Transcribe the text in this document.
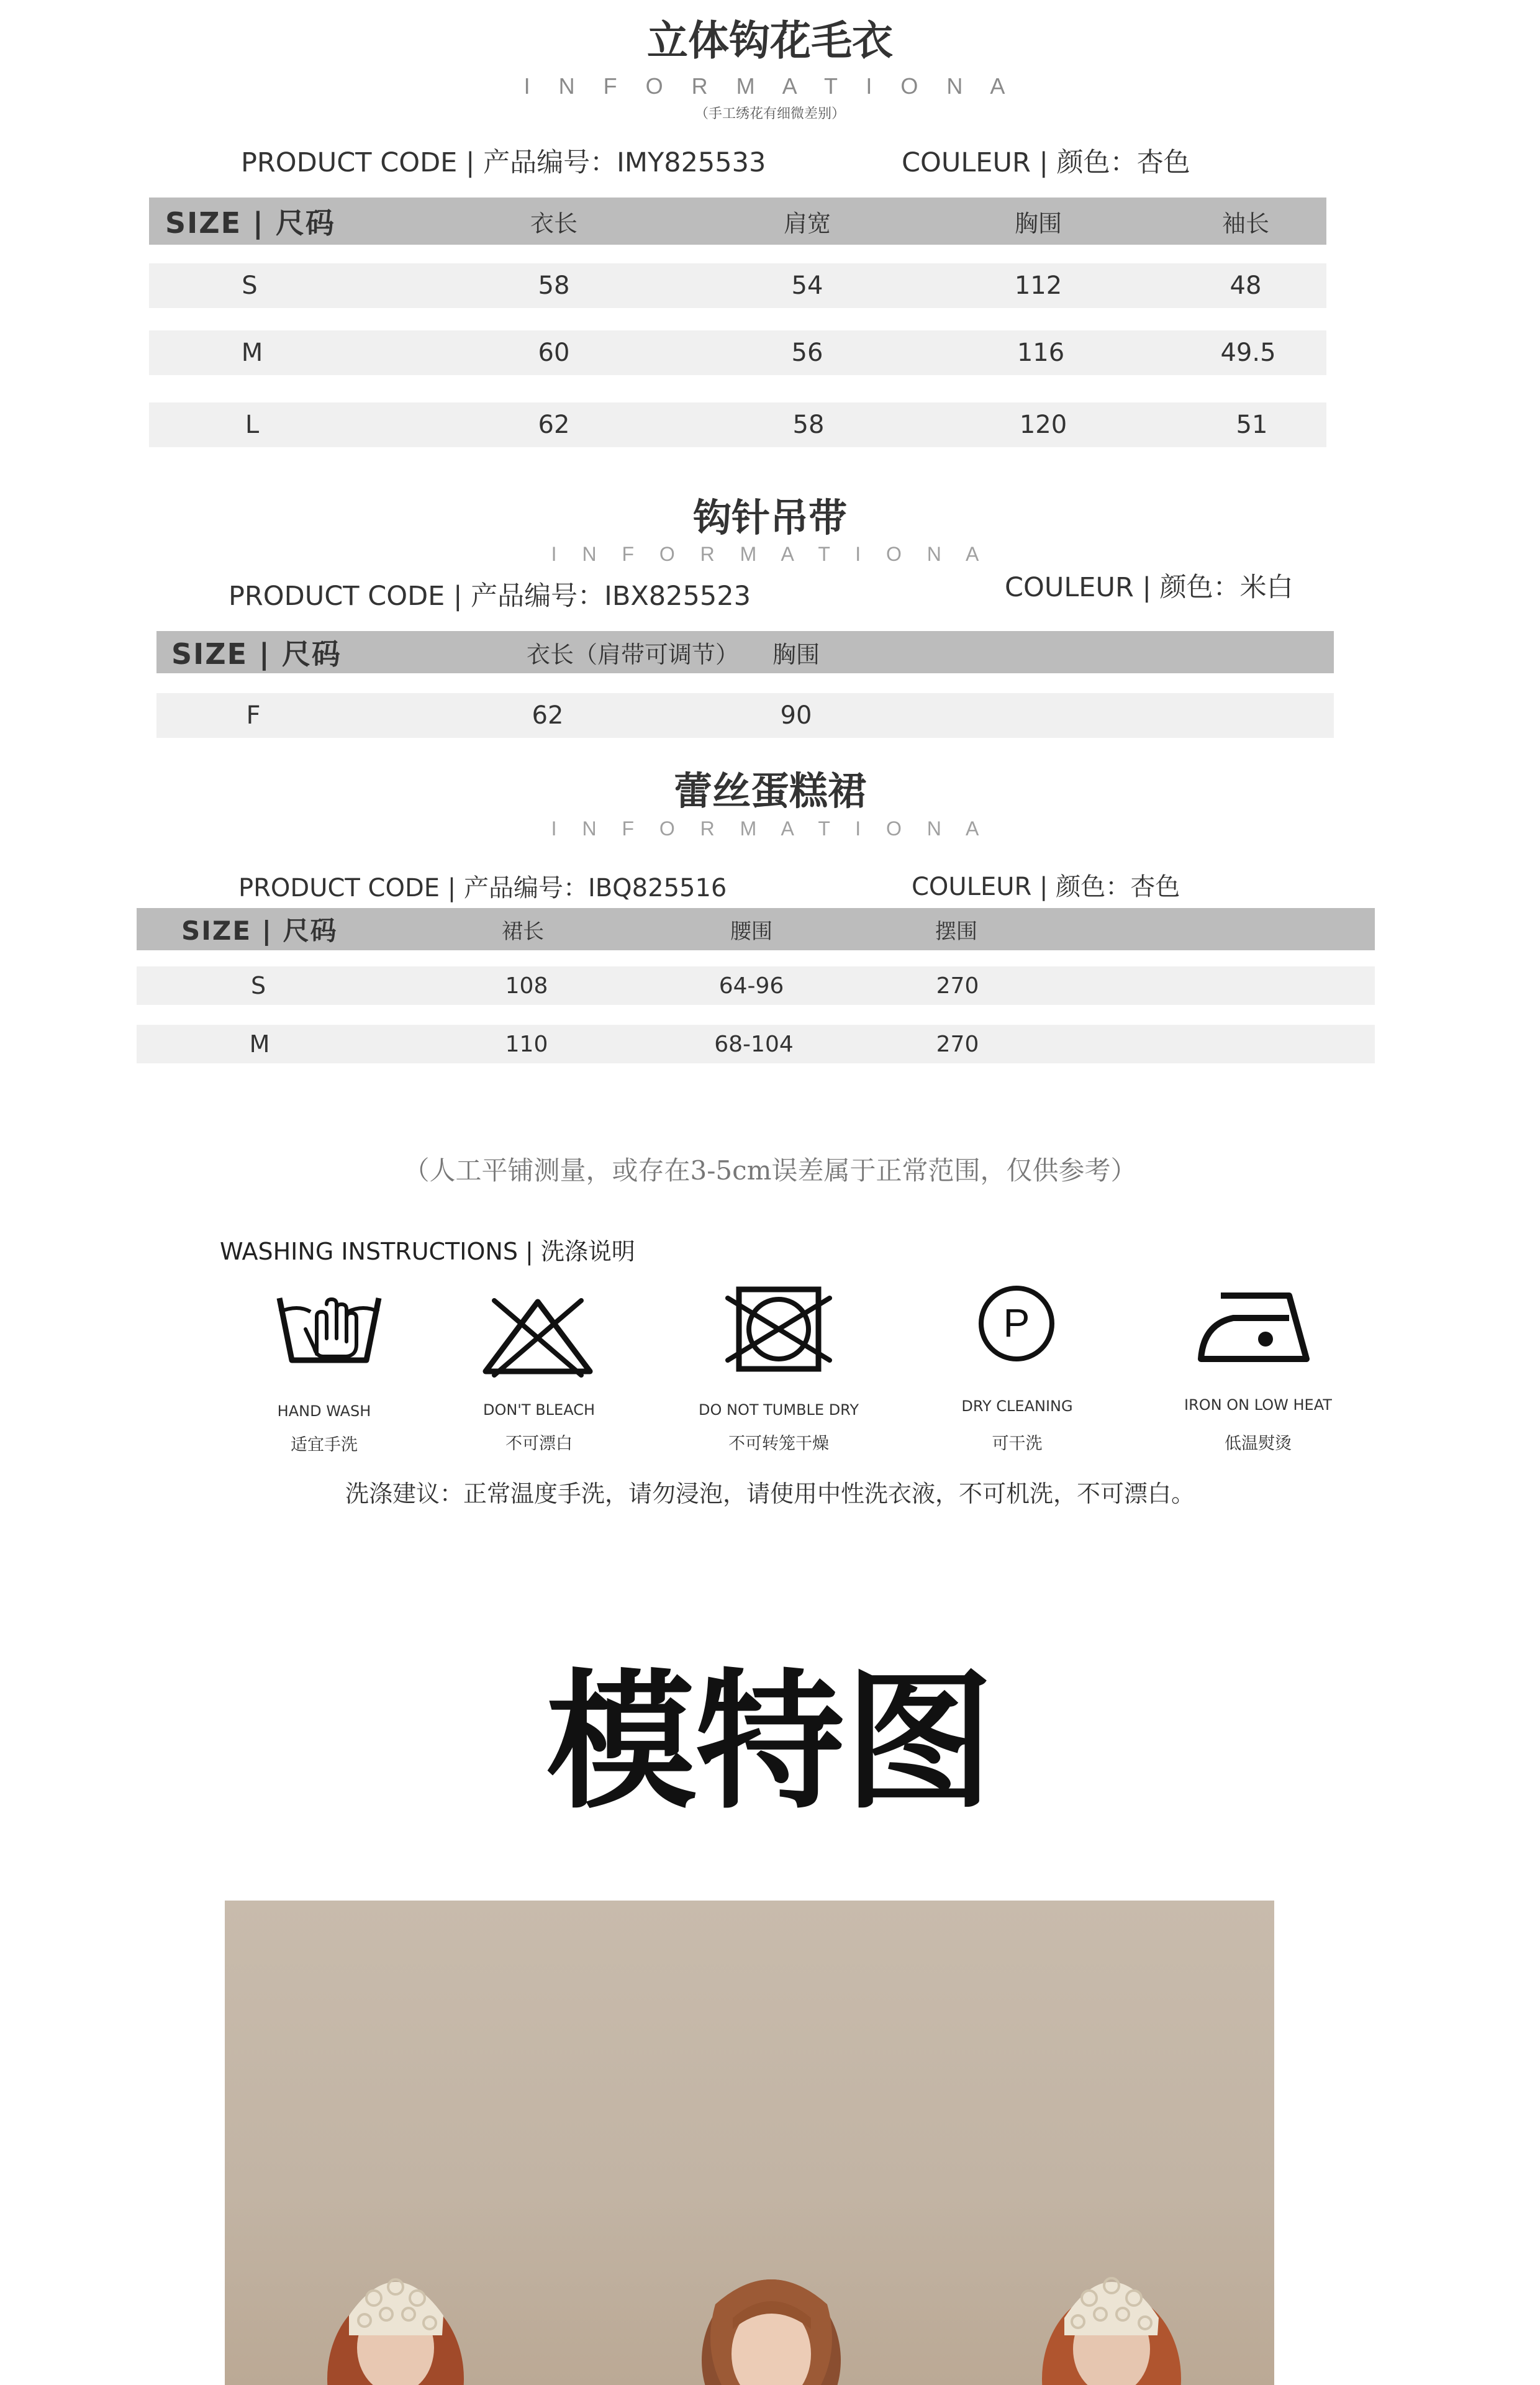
立体钩花毛衣
I N F O R M A T I O N A
（手工绣花有细微差别）
PRODUCT CODE | 产品编号：IMY825533	COULEUR | 颜色：杏色
SIZE | 尺码	衣长	肩宽	胸围	袖长
S	58	54	112	48
M	60	56	116	49.5
L	62	58	120	51
钩针吊带
I N F O R M A T I O N A
PRODUCT CODE | 产品编号：IBX825523	COULEUR | 颜色：米白
SIZE | 尺码	衣长（肩带可调节） 胸围
F	62	90
蕾丝蛋糕裙
I N F O R M A T I O N A
PRODUCT CODE | 产品编号：IBQ825516	COULEUR | 颜色：杏色
SIZE | 尺码	裙长	腰围	摆围
S	108	64-96	270
M	110	68-104	270
（人工平铺测量，或存在3-5cm误差属于正常范围，仅供参考）
WASHING INSTRUCTIONS | 洗涤说明
HAND WASH
适宜手洗
DON'T BLEACH
不可漂白
DO NOT TUMBLE DRY
不可转笼干燥
P
DRY CLEANING
可干洗
IRON ON LOW HEAT
低温熨烫
洗涤建议：正常温度手洗，请勿浸泡，请使用中性洗衣液，不可机洗，不可漂白。
模特图
